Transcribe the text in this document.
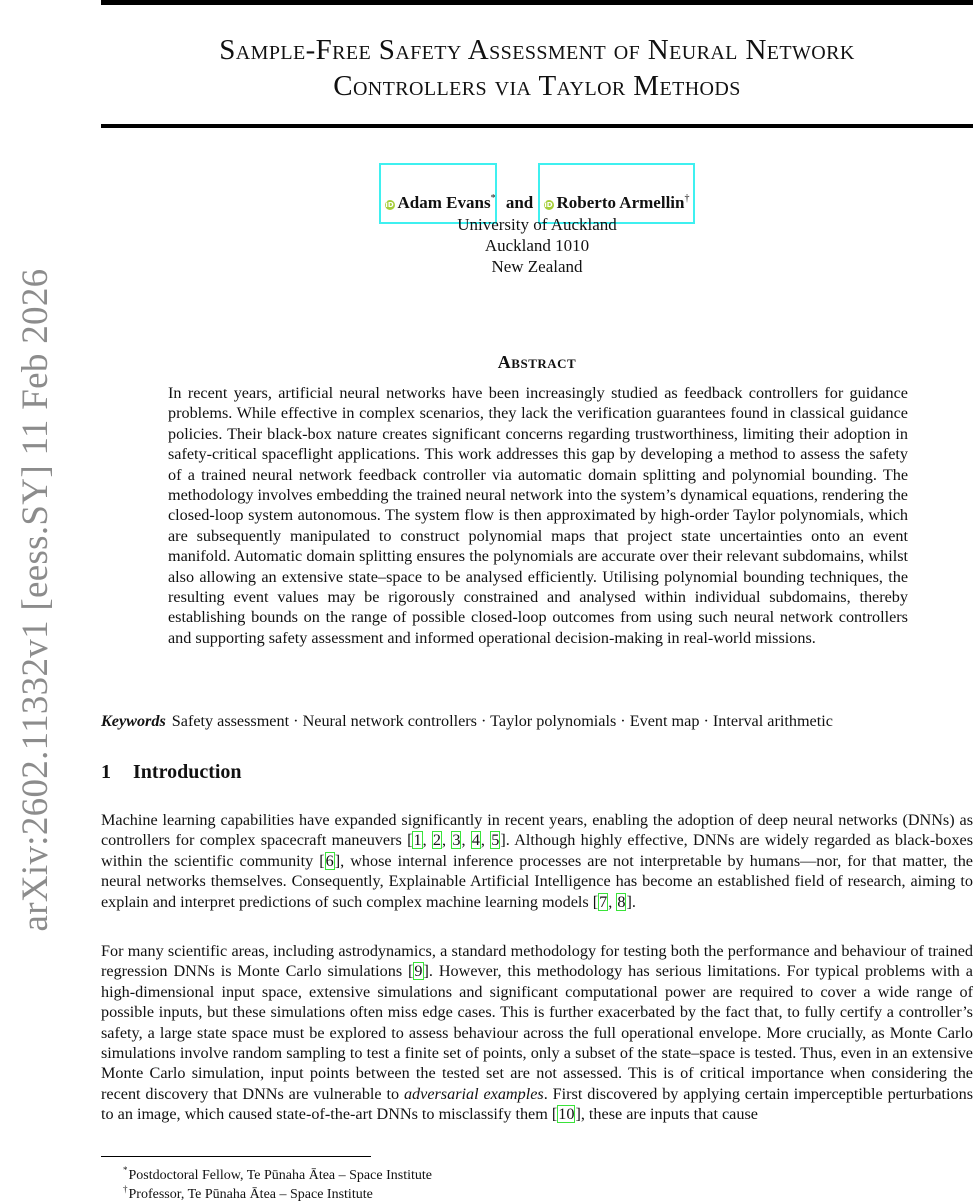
arXiv:2602.11332v1 [eess.SY] 11 Feb 2026
Sample-Free Safety Assessment of Neural Network
Controllers via Taylor Methods
iD Adam Evans* and iD Roberto Armellin†
University of Auckland
Auckland 1010
New Zealand
Abstract
In recent years, artificial neural networks have been increasingly studied as feedback controllers for guidance problems. While effective in complex scenarios, they lack the verification guarantees found in classical guidance policies. Their black-box nature creates significant concerns regarding trustworthiness, limiting their adoption in safety-critical spaceflight applications. This work addresses this gap by developing a method to assess the safety of a trained neural network feedback controller via automatic domain splitting and polynomial bounding. The methodology involves embedding the trained neural network into the system’s dynamical equations, rendering the closed-loop system autonomous. The system flow is then approximated by high-order Taylor polynomials, which are subsequently manipulated to construct polynomial maps that project state uncertainties onto an event manifold. Automatic domain splitting ensures the polynomials are accurate over their relevant subdomains, whilst also allowing an extensive state–space to be analysed efficiently. Utilising polynomial bounding techniques, the resulting event values may be rigorously constrained and analysed within individual subdomains, thereby establishing bounds on the range of possible closed-loop outcomes from using such neural network controllers and supporting safety assessment and informed operational decision-making in real-world missions.
Keywords Safety assessment · Neural network controllers · Taylor polynomials · Event map · Interval arithmetic
1 Introduction
Machine learning capabilities have expanded significantly in recent years, enabling the adoption of deep neural networks (DNNs) as controllers for complex spacecraft maneuvers [1, 2, 3, 4, 5]. Although highly effective, DNNs are widely regarded as black-boxes within the scientific community [6], whose internal inference processes are not interpretable by humans—nor, for that matter, the neural networks themselves. Consequently, Explainable Artificial Intelligence has become an established field of research, aiming to explain and interpret predictions of such complex machine learning models [7, 8].
For many scientific areas, including astrodynamics, a standard methodology for testing both the performance and behaviour of trained regression DNNs is Monte Carlo simulations [9]. However, this methodology has serious limitations. For typical problems with a high-dimensional input space, extensive simulations and significant computational power are required to cover a wide range of possible inputs, but these simulations often miss edge cases. This is further exacerbated by the fact that, to fully certify a controller’s safety, a large state space must be explored to assess behaviour across the full operational envelope. More crucially, as Monte Carlo simulations involve random sampling to test a finite set of points, only a subset of the state–space is tested. Thus, even in an extensive Monte Carlo simulation, input points between the tested set are not assessed. This is of critical importance when considering the recent discovery that DNNs are vulnerable to adversarial examples. First discovered by applying certain imperceptible perturbations to an image, which caused state-of-the-art DNNs to misclassify them [10], these are inputs that cause
*Postdoctoral Fellow, Te Pūnaha Ātea – Space Institute
†Professor, Te Pūnaha Ātea – Space Institute
